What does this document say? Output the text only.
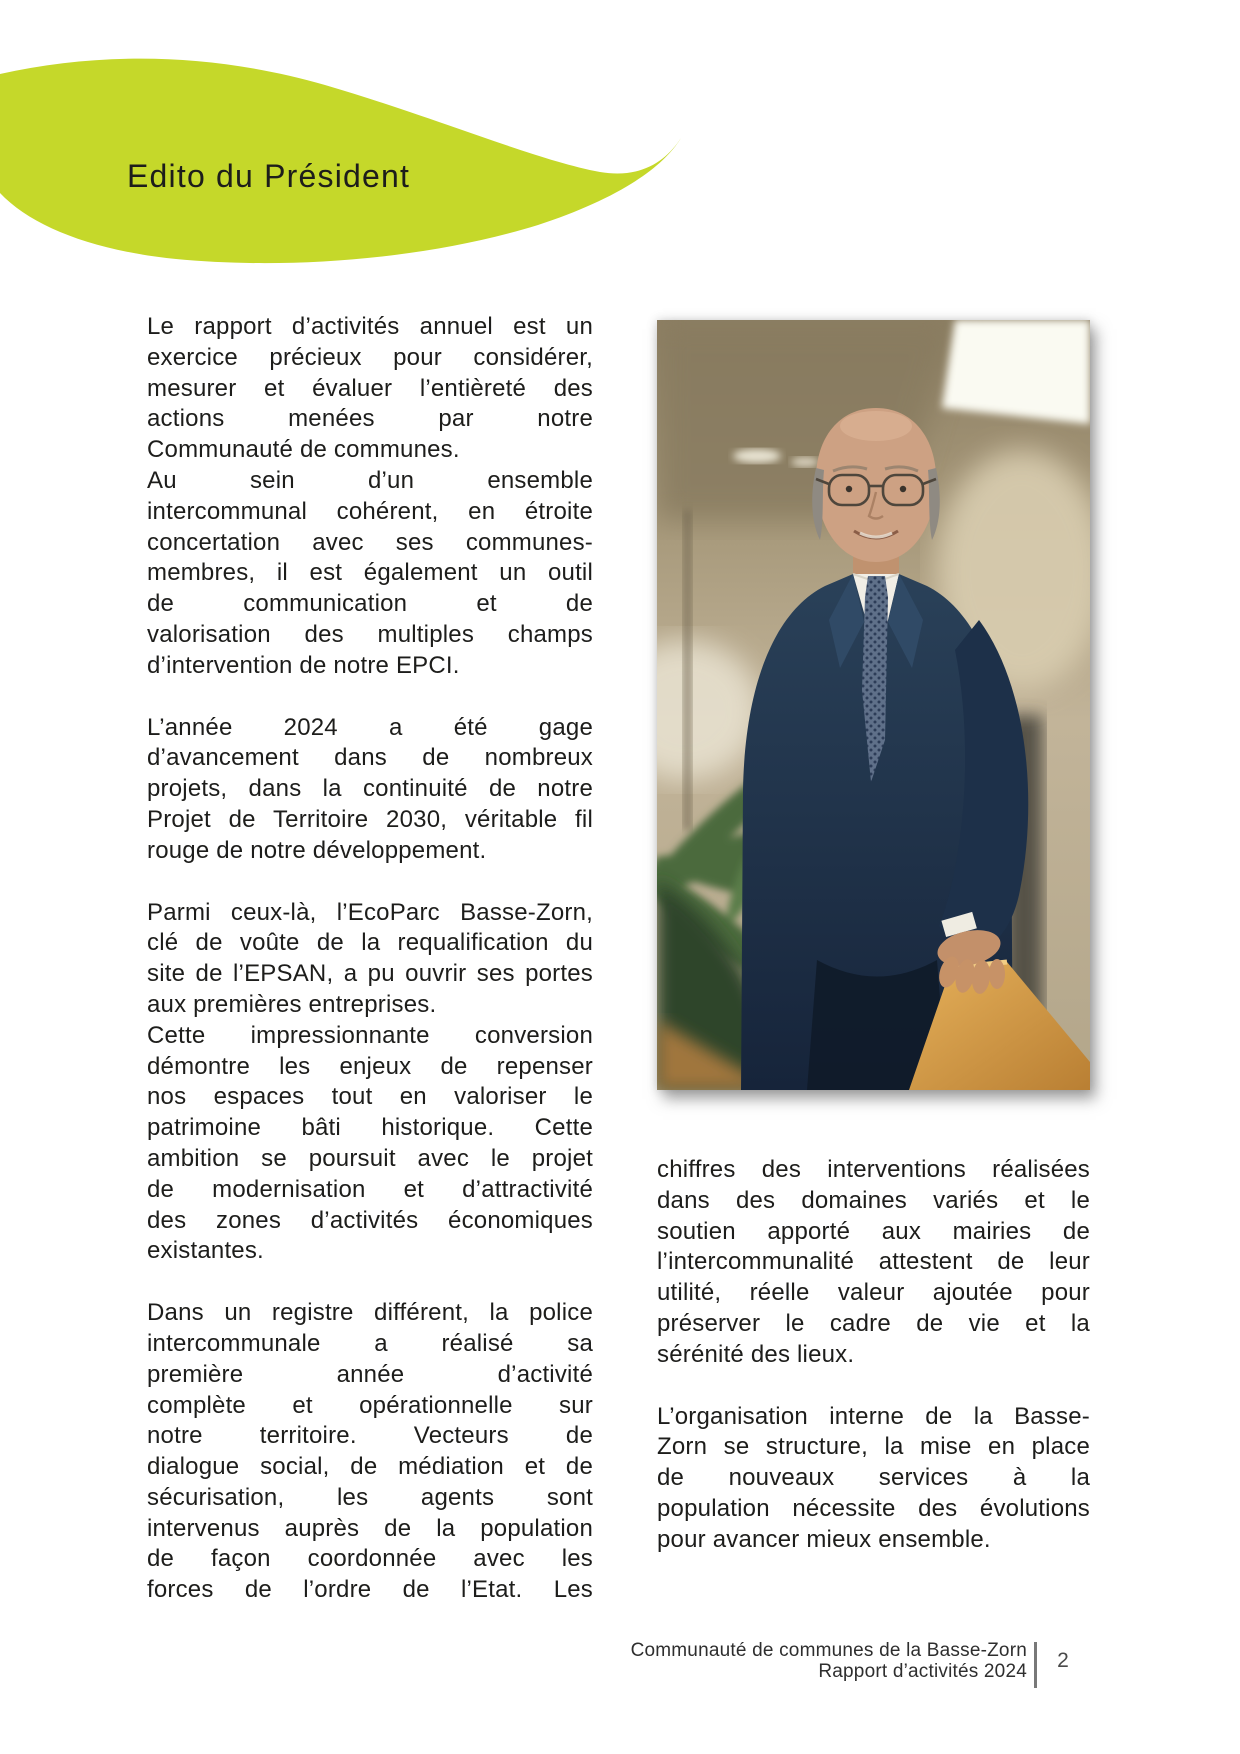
Edito du Président
Le rapport d’activités annuel est un
exercice précieux pour considérer,
mesurer et évaluer l’entièreté des
actions menées par notre
Communauté de communes.
Au sein d’un ensemble
intercommunal cohérent, en étroite
concertation avec ses communes-
membres, il est également un outil
de communication et de
valorisation des multiples champs
d’intervention de notre EPCI.
L’année 2024 a été gage
d’avancement dans de nombreux
projets, dans la continuité de notre
Projet de Territoire 2030, véritable fil
rouge de notre développement.
Parmi ceux-là, l’EcoParc Basse-Zorn,
clé de voûte de la requalification du
site de l’EPSAN, a pu ouvrir ses portes
aux premières entreprises.
Cette impressionnante conversion
démontre les enjeux de repenser
nos espaces tout en valoriser le
patrimoine bâti historique. Cette
ambition se poursuit avec le projet
de modernisation et d’attractivité
des zones d’activités économiques
existantes.
Dans un registre différent, la police
intercommunale a réalisé sa
première année d’activité
complète et opérationnelle sur
notre territoire. Vecteurs de
dialogue social, de médiation et de
sécurisation, les agents sont
intervenus auprès de la population
de façon coordonnée avec les
forces de l’ordre de l’Etat. Les
chiffres des interventions réalisées
dans des domaines variés et le
soutien apporté aux mairies de
l’intercommunalité attestent de leur
utilité, réelle valeur ajoutée pour
préserver le cadre de vie et la
sérénité des lieux.
L’organisation interne de la Basse-
Zorn se structure, la mise en place
de nouveaux services à la
population nécessite des évolutions
pour avancer mieux ensemble.
Communauté de communes de la Basse-Zorn
Rapport d’activités 2024	2
